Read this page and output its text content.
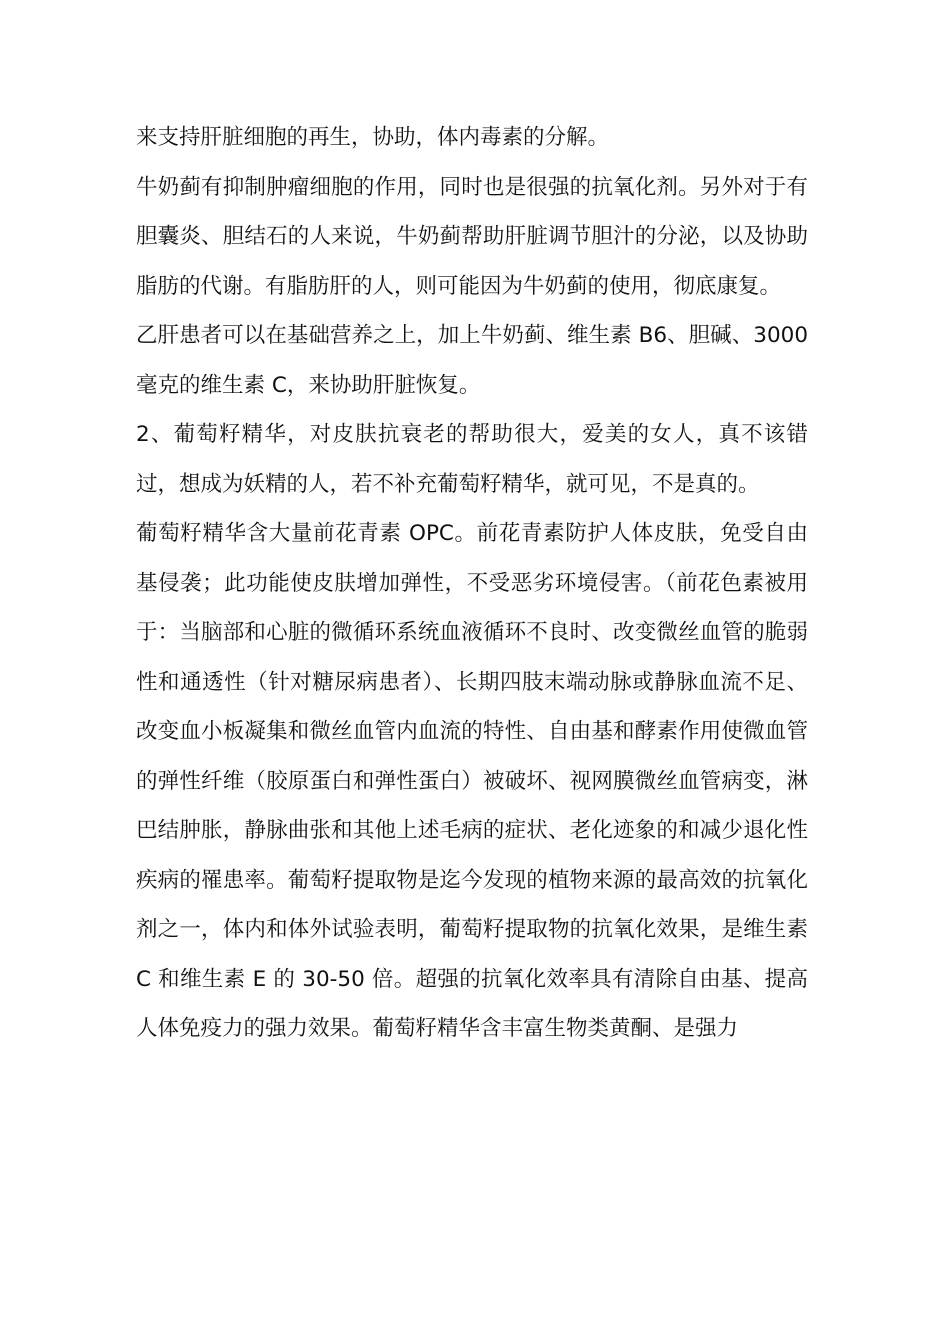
来支持肝脏细胞的再生，协助，体内毒素的分解。

牛奶蓟有抑制肿瘤细胞的作用，同时也是很强的抗氧化剂。另外对于有胆囊炎、胆结石的人来说，牛奶蓟帮助肝脏调节胆汁的分泌，以及协助脂肪的代谢。有脂肪肝的人，则可能因为牛奶蓟的使用，彻底康复。

乙肝患者可以在基础营养之上，加上牛奶蓟、维生素 B6、胆碱、3000 毫克的维生素 C，来协助肝脏恢复。

2、葡萄籽精华，对皮肤抗衰老的帮助很大，爱美的女人，真不该错过，想成为妖精的人，若不补充葡萄籽精华，就可见，不是真的。

葡萄籽精华含大量前花青素 OPC。前花青素防护人体皮肤，免受自由基侵袭；此功能使皮肤增加弹性，不受恶劣环境侵害。（前花色素被用于：当脑部和心脏的微循环系统血液循环不良时、改变微丝血管的脆弱性和通透性（针对糖尿病患者）、长期四肢末端动脉或静脉血流不足、改变血小板凝集和微丝血管内血流的特性、自由基和酵素作用使微血管的弹性纤维（胶原蛋白和弹性蛋白）被破坏、视网膜微丝血管病变，淋巴结肿胀，静脉曲张和其他上述毛病的症状、老化迹象的和减少退化性疾病的罹患率。葡萄籽提取物是迄今发现的植物来源的最高效的抗氧化剂之一，体内和体外试验表明，葡萄籽提取物的抗氧化效果，是维生素 C 和维生素 E 的 30-50 倍。超强的抗氧化效率具有清除自由基、提高人体免疫力的强力效果。葡萄籽精华含丰富生物类黄酮、是强力
